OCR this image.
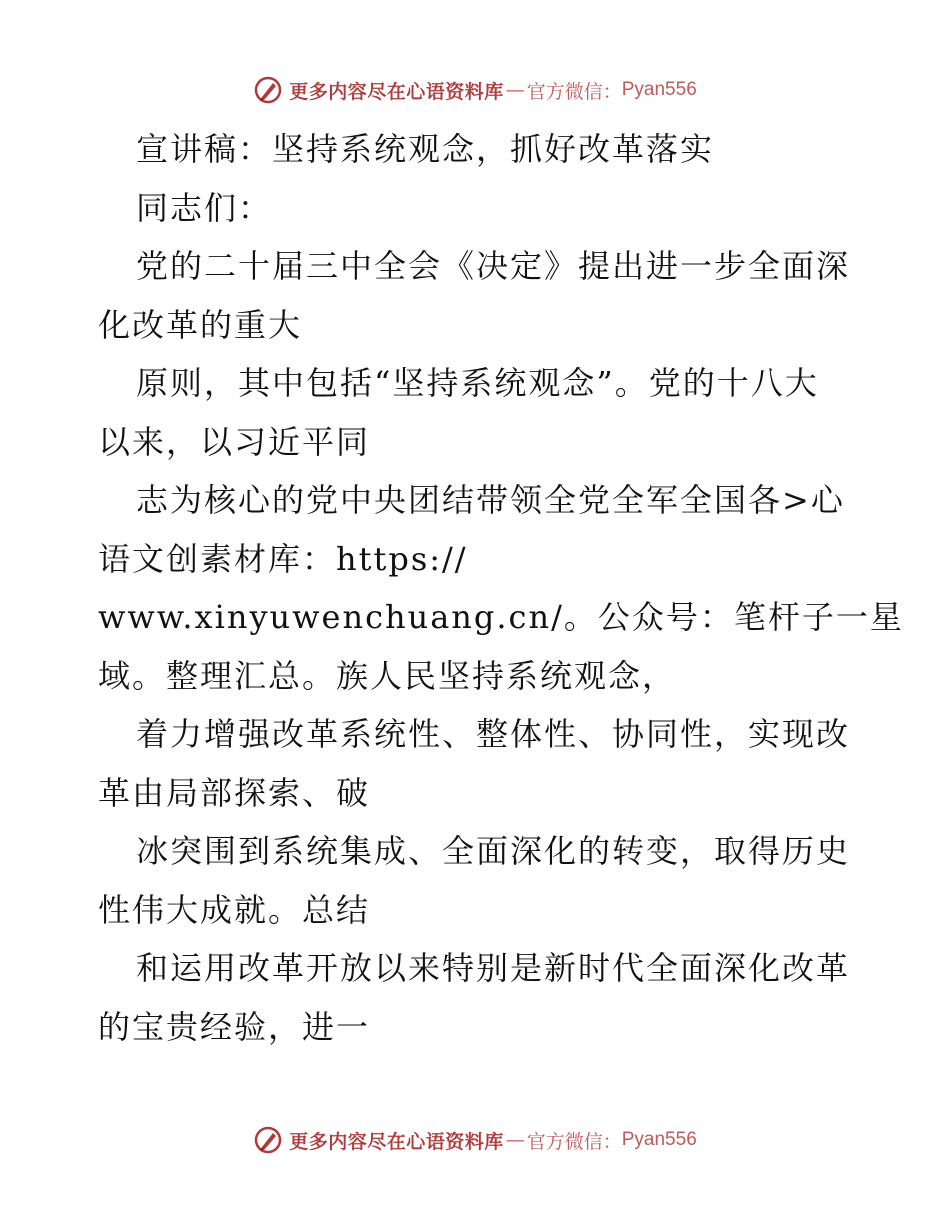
更多内容尽在心语资料库 — 官方微信： Pyan556
宣讲稿：坚持系统观念，抓好改革落实
同志们：
党的二十届三中全会《决定》提出进一步全面深
化改革的重大
原则，其中包括“坚持系统观念”。党的十八大
以来，以习近平同
志为核心的党中央团结带领全党全军全国各>心
语文创素材库：https://
www.xinyuwenchuang.cn/。公众号：笔杆子一星
域。整理汇总。族人民坚持系统观念，
着力增强改革系统性、整体性、协同性，实现改
革由局部探索、破
冰突围到系统集成、全面深化的转变，取得历史
性伟大成就。总结
和运用改革开放以来特别是新时代全面深化改革
的宝贵经验，进一
更多内容尽在心语资料库 — 官方微信： Pyan556
